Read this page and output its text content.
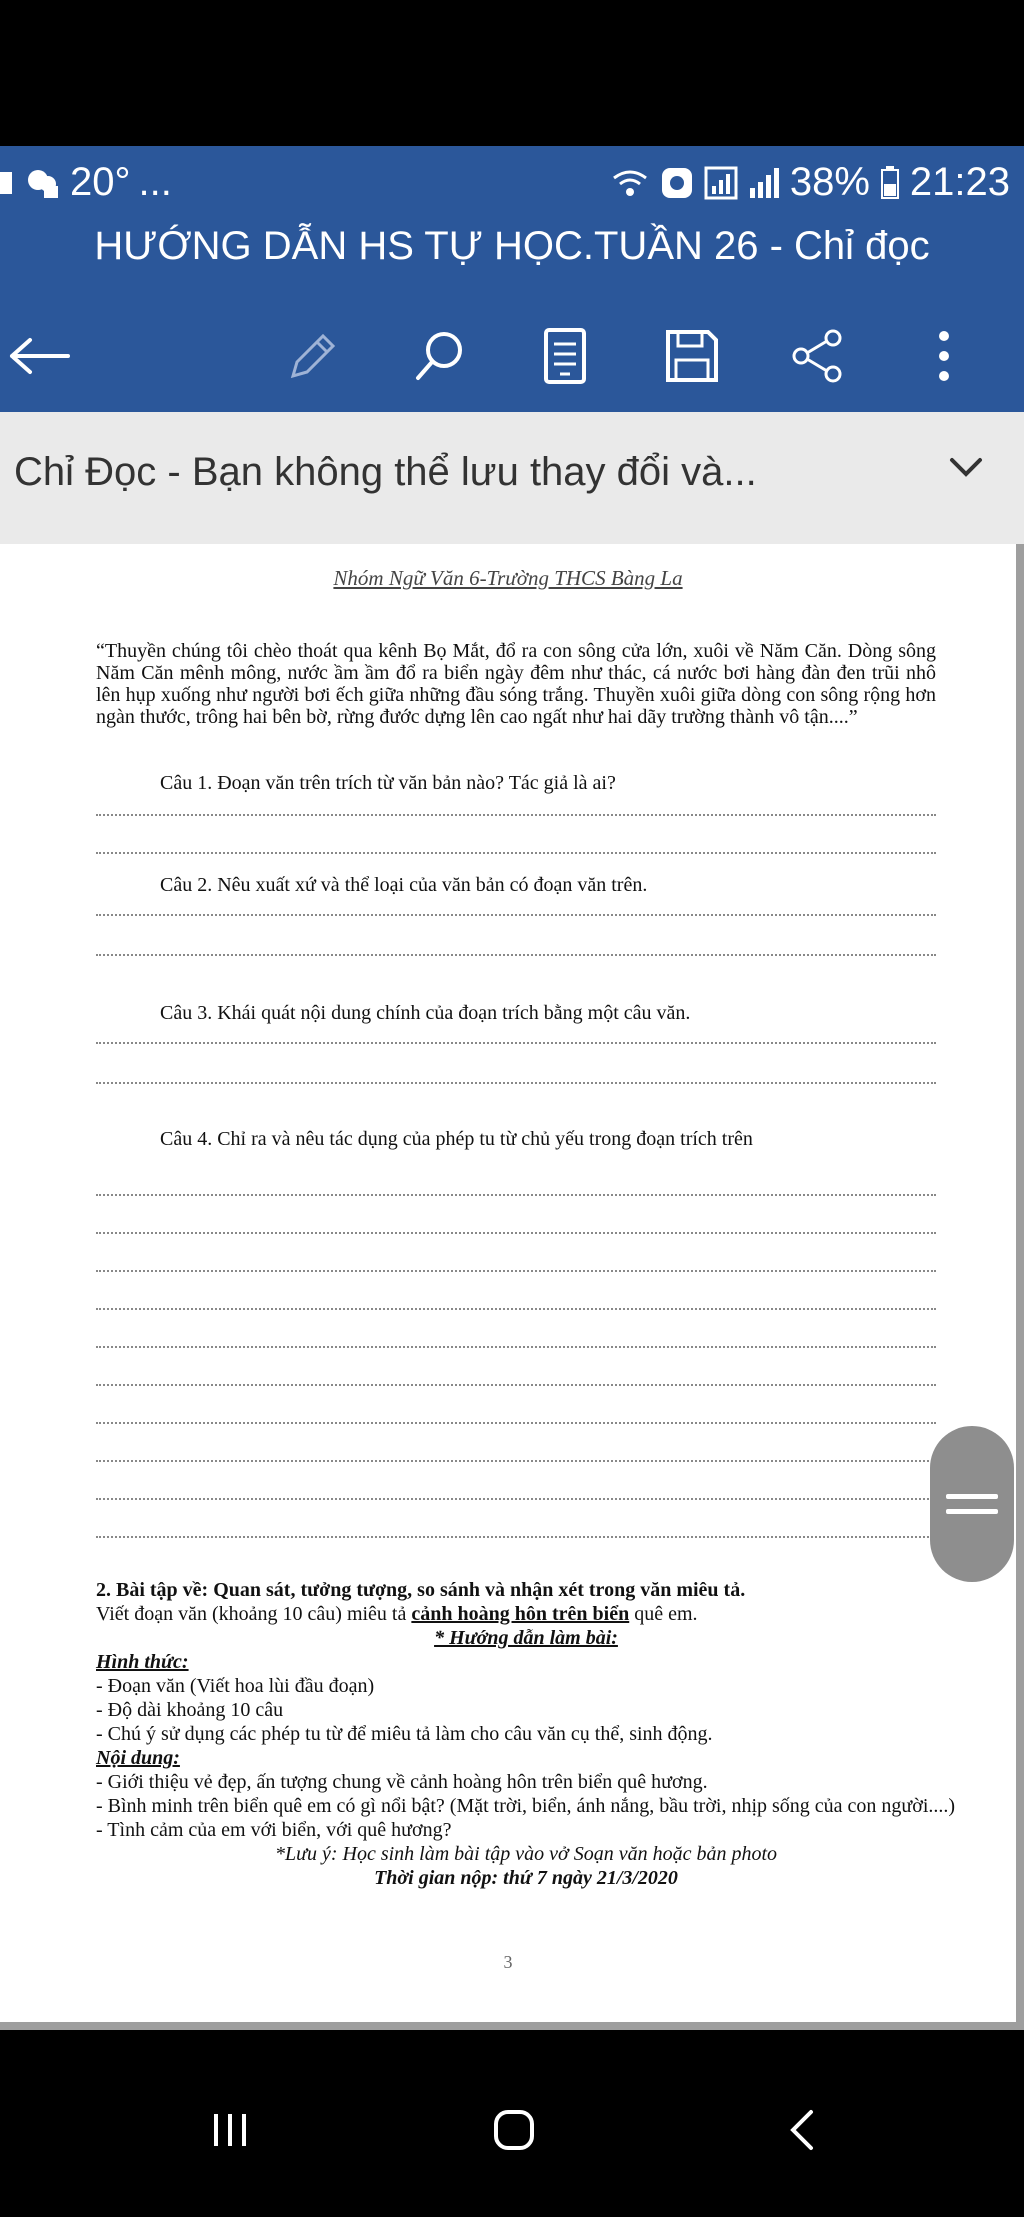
20° ...	38% 21:23
HƯỚNG DẪN HS TỰ HỌC.TUẦN 26 - Chỉ đọc
Chỉ Đọc - Bạn không thể lưu thay đổi và...
Nhóm Ngữ Văn 6-Trường THCS Bàng La
“Thuyền chúng tôi chèo thoát qua kênh Bọ Mắt, đổ ra con sông cửa lớn, xuôi về Năm Căn. Dòng sông Năm Căn mênh mông, nước ầm ầm đổ ra biển ngày đêm như thác, cá nước bơi hàng đàn đen trũi nhô lên hụp xuống như người bơi ếch giữa những đầu sóng trắng. Thuyền xuôi giữa dòng con sông rộng hơn ngàn thước, trông hai bên bờ, rừng đước dựng lên cao ngất như hai dãy trường thành vô tận....”
Câu 1. Đoạn văn trên trích từ văn bản nào? Tác giả là ai?
Câu 2. Nêu xuất xứ và thể loại của văn bản có đoạn văn trên.
Câu 3. Khái quát nội dung chính của đoạn trích bằng một câu văn.
Câu 4. Chỉ ra và nêu tác dụng của phép tu từ chủ yếu trong đoạn trích trên
2. Bài tập về: Quan sát, tưởng tượng, so sánh và nhận xét trong văn miêu tả.
Viết đoạn văn (khoảng 10 câu) miêu tả cảnh hoàng hôn trên biển quê em.
* Hướng dẫn làm bài:
Hình thức:
- Đoạn văn (Viết hoa lùi đầu đoạn)
- Độ dài khoảng 10 câu
- Chú ý sử dụng các phép tu từ để miêu tả làm cho câu văn cụ thể, sinh động.
Nội dung:
- Giới thiệu vẻ đẹp, ấn tượng chung về cảnh hoàng hôn trên biển quê hương.
- Bình minh trên biển quê em có gì nổi bật? (Mặt trời, biển, ánh nắng, bầu trời, nhịp sống của con người....)
- Tình cảm của em với biển, với quê hương?
*Lưu ý: Học sinh làm bài tập vào vở Soạn văn hoặc bản photo
Thời gian nộp: thứ 7 ngày 21/3/2020
3
